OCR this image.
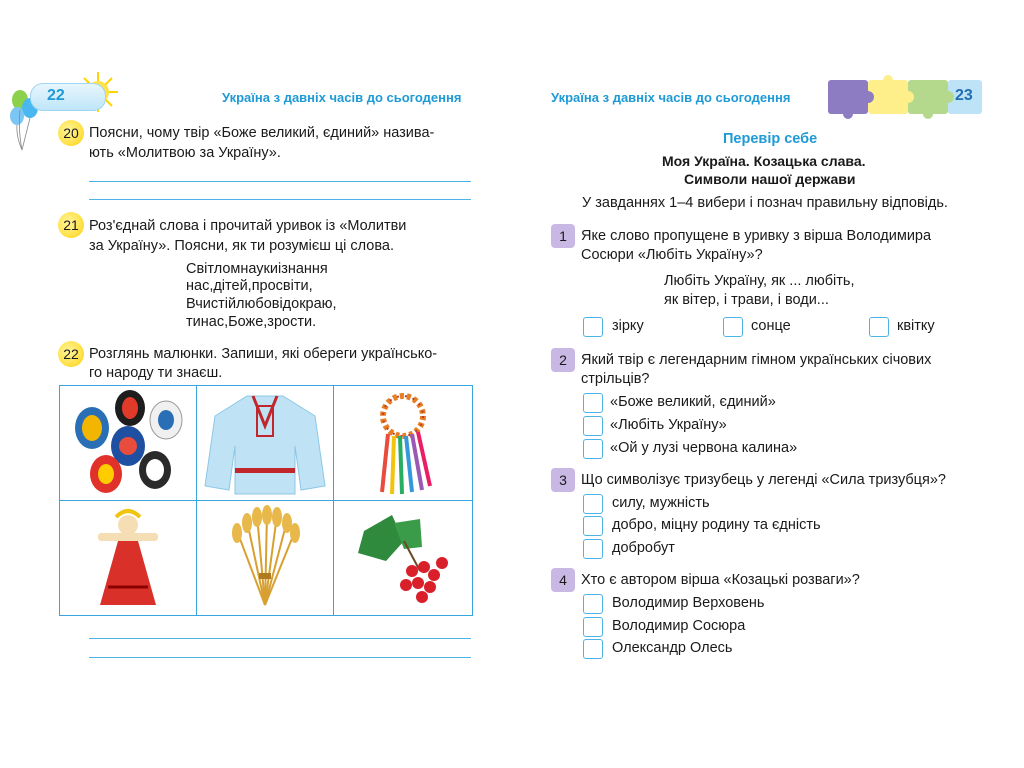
22	Україна з давніх часів до сьогодення
20 Поясни, чому твір «Боже великий, єдиний» назива-
ють «Молитвою за Україну».
21 Роз'єднай слова і прочитай уривок із «Молитви
за Україну». Поясни, як ти розумієш ці слова.
Світломнаукиізнання
нас,дітей,просвіти,
Вчистійлюбовідокраю,
тинас,Боже,зрости.
22 Розглянь малюнки. Запиши, які обереги українсько-
го народу ти знаєш.
Україна з давніх часів до сьогодення	23
Перевір себе
Моя Україна. Козацька слава.
Символи нашої держави
У завданнях 1–4 вибери і познач правильну відповідь.
1 Яке слово пропущене в уривку з вірша Володимира
Сосюри «Любіть Україну»?
Любіть Україну, як ... любіть,
як вітер, і трави, і води...
зірку	сонце	квітку
2 Який твір є легендарним гімном українських січових
стрільців?
«Боже великий, єдиний»
«Любіть Україну»
«Ой у лузі червона калина»
3 Що символізує тризубець у легенді «Сила тризубця»?
силу, мужність
добро, міцну родину та єдність
добробут
4 Хто є автором вірша «Козацькі розваги»?
Володимир Верховень
Володимир Сосюра
Олександр Олесь
